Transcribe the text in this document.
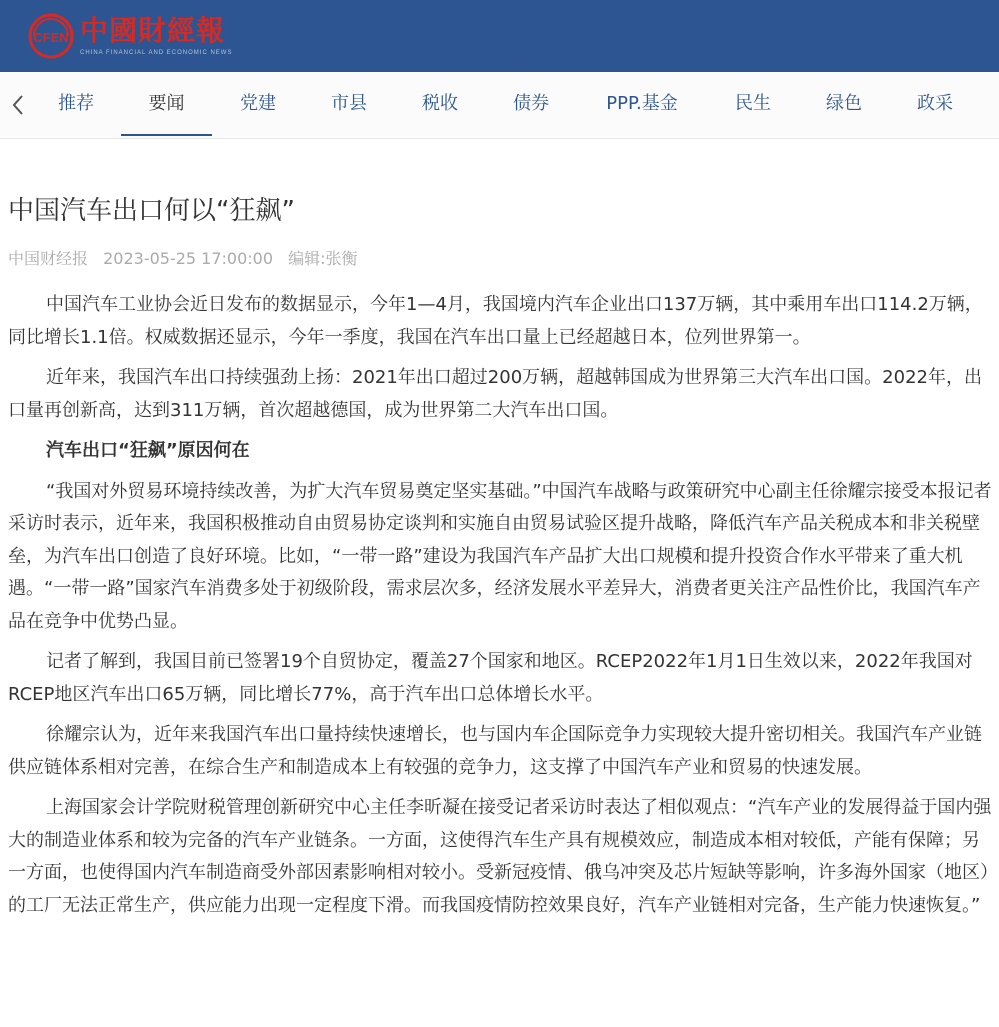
CFEN 中國財經報
CHINA FINANCIAL AND ECONOMIC NEWS
推荐	要闻	党建	市县	税收	债券	PPP.基金	民生	绿色	政采
中国汽车出口何以“狂飙”
中国财经报 2023-05-25 17:00:00 编辑:张衡

中国汽车工业协会近日发布的数据显示，今年1—4月，我国境内汽车企业出口137万辆，其中乘用车出口114.2万辆，同比增长1.1倍。权威数据还显示，今年一季度，我国在汽车出口量上已经超越日本，位列世界第一。

近年来，我国汽车出口持续强劲上扬：2021年出口超过200万辆，超越韩国成为世界第三大汽车出口国。2022年，出口量再创新高，达到311万辆，首次超越德国，成为世界第二大汽车出口国。

汽车出口“狂飙”原因何在

“我国对外贸易环境持续改善，为扩大汽车贸易奠定坚实基础。”中国汽车战略与政策研究中心副主任徐耀宗接受本报记者采访时表示，近年来，我国积极推动自由贸易协定谈判和实施自由贸易试验区提升战略，降低汽车产品关税成本和非关税壁垒，为汽车出口创造了良好环境。比如，“一带一路”建设为我国汽车产品扩大出口规模和提升投资合作水平带来了重大机遇。“一带一路”国家汽车消费多处于初级阶段，需求层次多，经济发展水平差异大，消费者更关注产品性价比，我国汽车产品在竞争中优势凸显。

记者了解到，我国目前已签署19个自贸协定，覆盖27个国家和地区。RCEP2022年1月1日生效以来，2022年我国对RCEP地区汽车出口65万辆，同比增长77%，高于汽车出口总体增长水平。

徐耀宗认为，近年来我国汽车出口量持续快速增长，也与国内车企国际竞争力实现较大提升密切相关。我国汽车产业链供应链体系相对完善，在综合生产和制造成本上有较强的竞争力，这支撑了中国汽车产业和贸易的快速发展。

上海国家会计学院财税管理创新研究中心主任李昕凝在接受记者采访时表达了相似观点：“汽车产业的发展得益于国内强大的制造业体系和较为完备的汽车产业链条。一方面，这使得汽车生产具有规模效应，制造成本相对较低，产能有保障；另一方面，也使得国内汽车制造商受外部因素影响相对较小。受新冠疫情、俄乌冲突及芯片短缺等影响，许多海外国家（地区）的工厂无法正常生产，供应能力出现一定程度下滑。而我国疫情防控效果良好，汽车产业链相对完备，生产能力快速恢复。”
